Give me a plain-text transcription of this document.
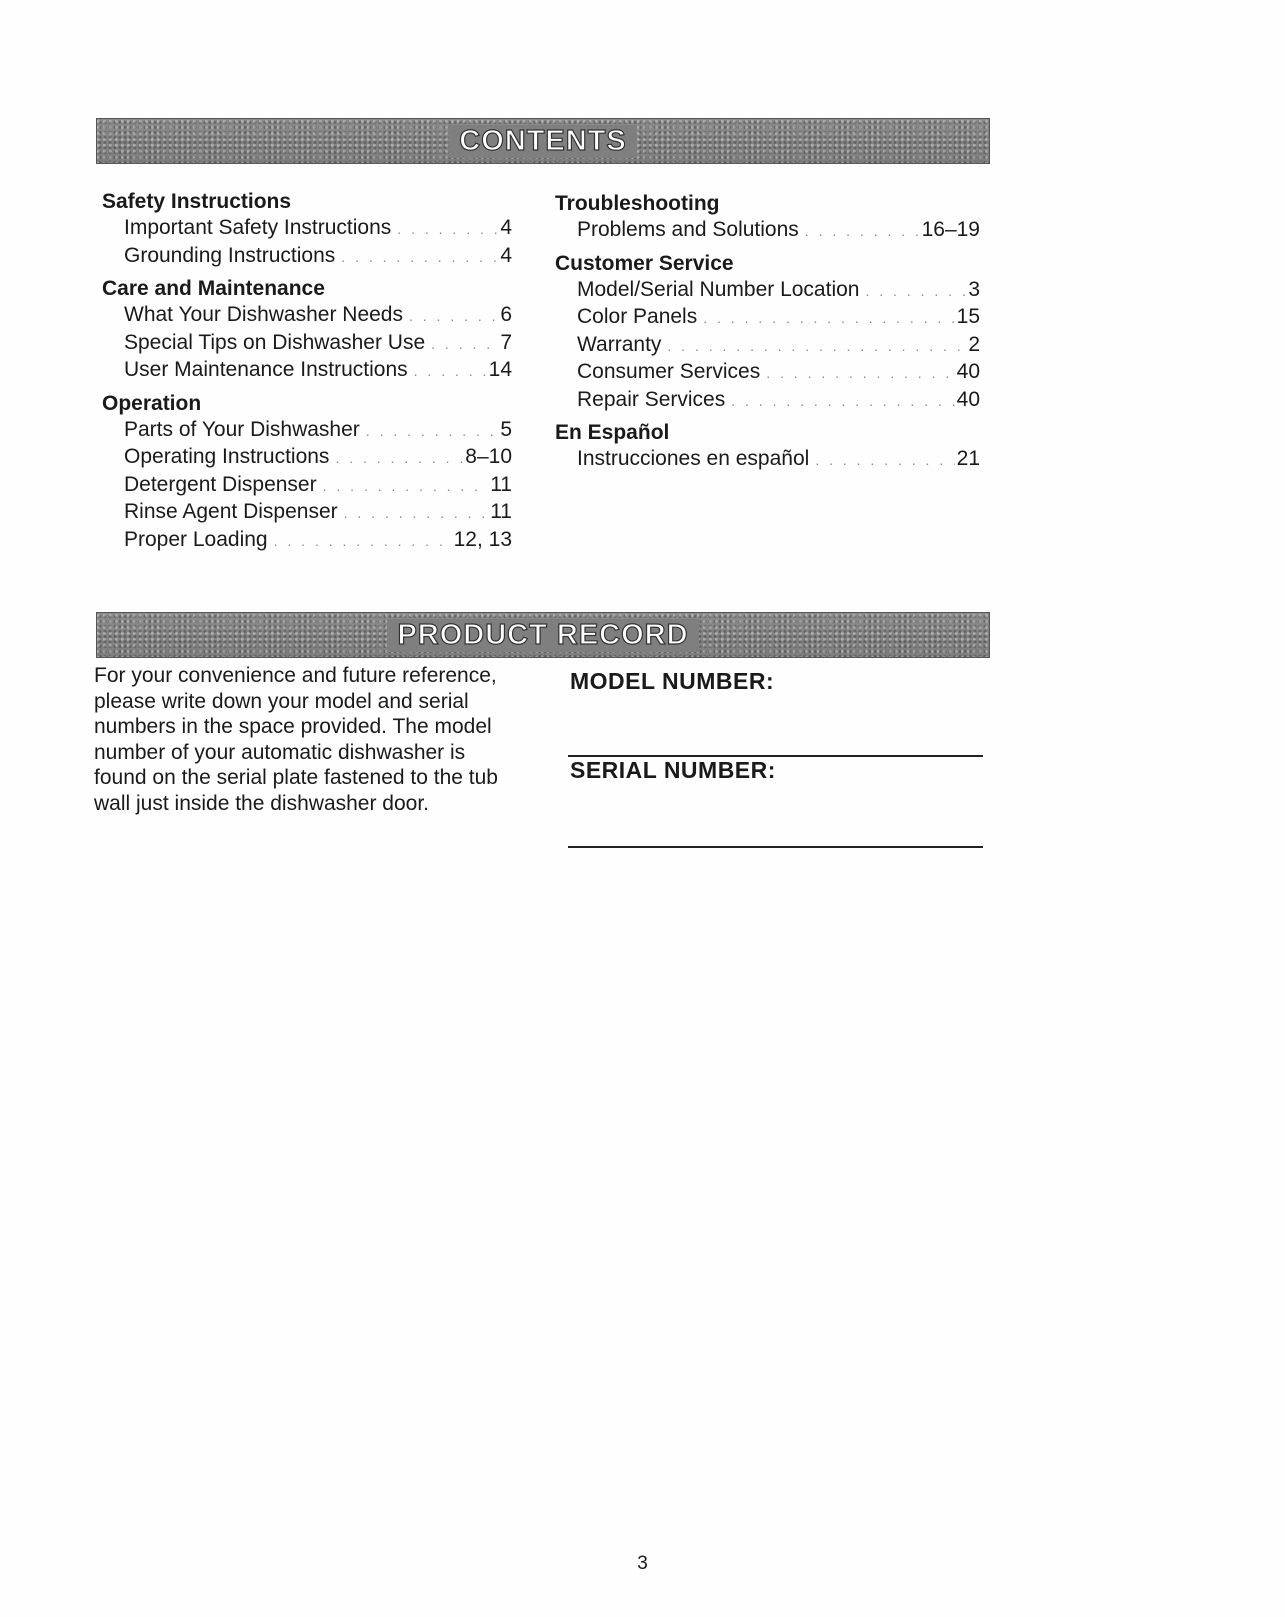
CONTENTS
Safety Instructions
Important Safety Instructions . . .	4
Grounding Instructions . . .	4
Care and Maintenance
What Your Dishwasher Needs . . .	6
Special Tips on Dishwasher Use . . .	7
User Maintenance Instructions . . .	14
Operation
Parts of Your Dishwasher . . .	5
Operating Instructions . . .	8–10
Detergent Dispenser . . .	11
Rinse Agent Dispenser . . .	11
Proper Loading . . .	12, 13
Troubleshooting
Problems and Solutions . . .	16–19
Customer Service
Model/Serial Number Location . . .	3
Color Panels . . .	15
Warranty . . .	2
Consumer Services . . .	40
Repair Services . . .	40
En Español
Instrucciones en español . . .	21
PRODUCT RECORD
For your convenience and future reference, please write down your model and serial numbers in the space provided. The model number of your automatic dishwasher is found on the serial plate fastened to the tub wall just inside the dishwasher door.
MODEL NUMBER:
SERIAL NUMBER:
3
